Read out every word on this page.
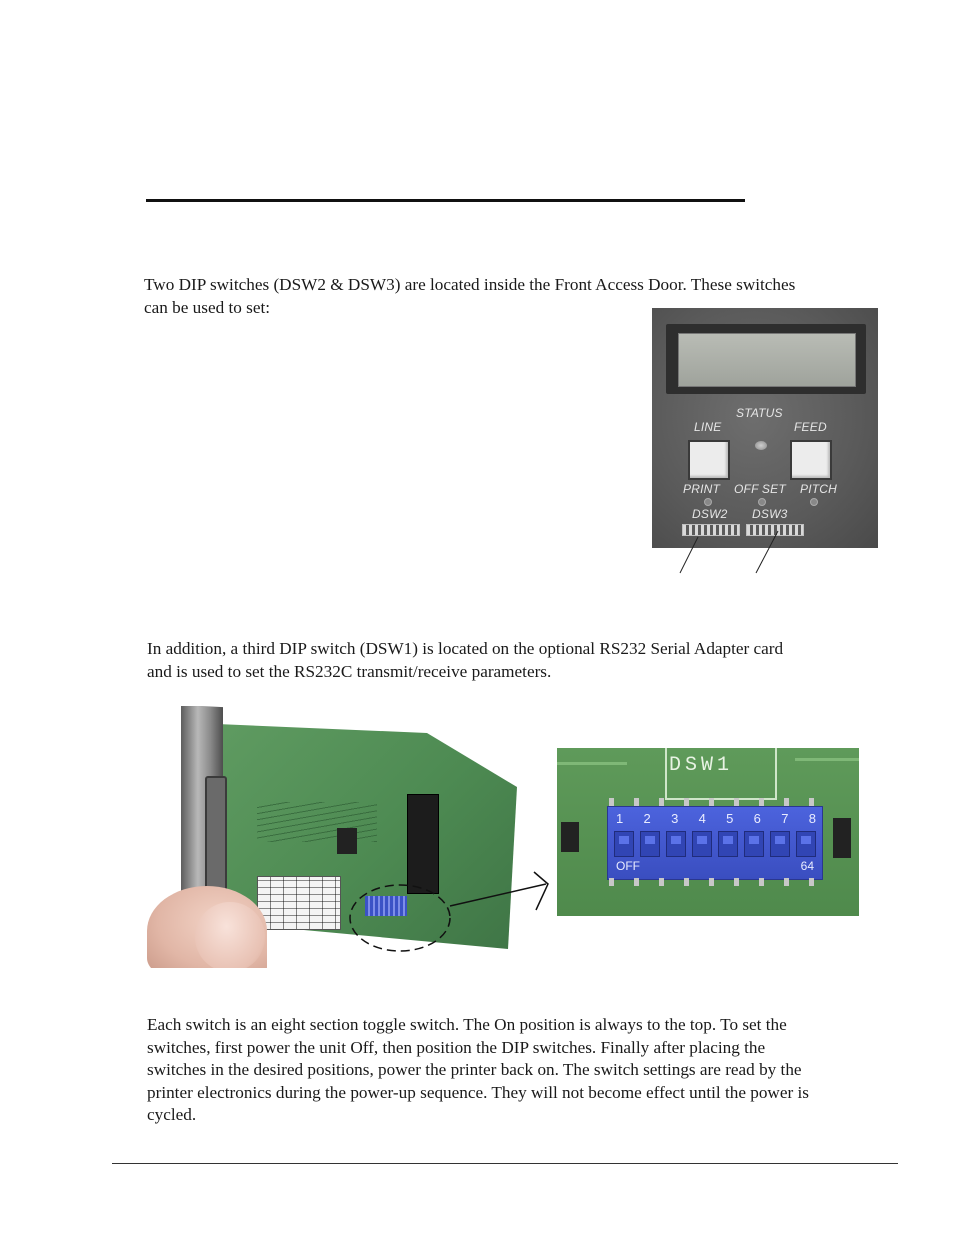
Two DIP switches (DSW2 & DSW3) are located inside the Front Access Door. These switches can be used to set:

STATUS
LINE	FEED
PRINT OFF SET PITCH
DSW2 DSW3

In addition, a third DIP switch (DSW1) is located on the optional RS232 Serial Adapter card and is used to set the RS232C transmit/receive parameters.

DSW1
1 2 3 4 5 6 7 8
OFF	64

Each switch is an eight section toggle switch. The On position is always to the top. To set the switches, first power the unit Off, then position the DIP switches. Finally after placing the switches in the desired positions, power the printer back on. The switch settings are read by the printer electronics during the power-up sequence. They will not become effect until the power is cycled.
